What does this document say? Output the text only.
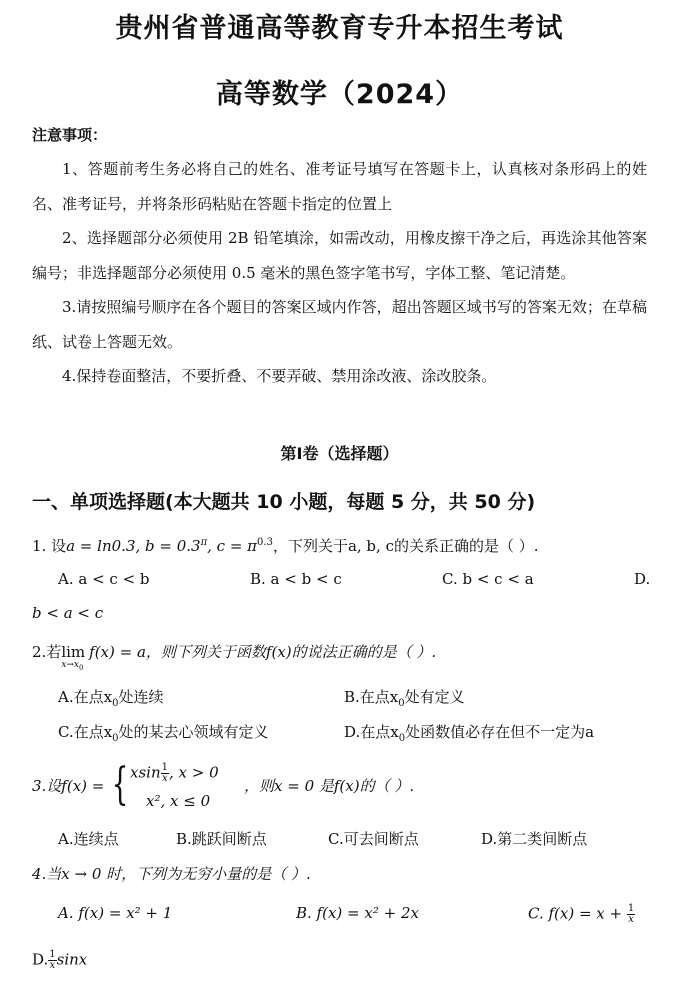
贵州省普通高等教育专升本招生考试
高等数学（2024）
注意事项：

1、答题前考生务必将自己的姓名、准考证号填写在答题卡上，认真核对条形码上的姓名、准考证号，并将条形码粘贴在答题卡指定的位置上

2、选择题部分必须使用 2B 铅笔填涂，如需改动，用橡皮擦干净之后，再选涂其他答案编号；非选择题部分必须使用 0.5 毫米的黑色签字笔书写，字体工整、笔记清楚。

3.请按照编号顺序在各个题目的答案区域内作答，超出答题区域书写的答案无效；在草稿纸、试卷上答题无效。

4.保持卷面整洁，不要折叠、不要弄破、禁用涂改液、涂改胶条。

第Ⅰ卷（选择题）
一、单项选择题(本大题共 10 小题，每题 5 分，共 50 分)
1. 设a = ln0.3, $b = 0.3^\pi$, $c = \pi^{0.3}$，下列关于a, b, c的关系正确的是（ ）.
A. a < c < b	B. a < b < c	C. b < c < a	D.
b < a < c
2.若lim
$x\to x_0$
f(x) = a，则下列关于函数f(x)的说法正确的是（ ）.
A.在点$x_0$处连续	B.在点$x_0$处有定义
C.在点$x_0$处的某去心领域有定义	D.在点$x_0$处函数值必存在但不一定为a
3.设f(x) = { xsin $\frac{1}{x}$ , x > 0
x², x ≤ 0
，则x = 0 是f(x)的（ ）.
A.连续点	B.跳跃间断点	C.可去间断点	D.第二类间断点
4.当x → 0 时，下列为无穷小量的是（ ）.
A. f(x) = x² + 1	B. f(x) = x² + 2x	C. $f(x) = x + \frac{1}{x}$
D. $\frac{1}{x}$ sinx
